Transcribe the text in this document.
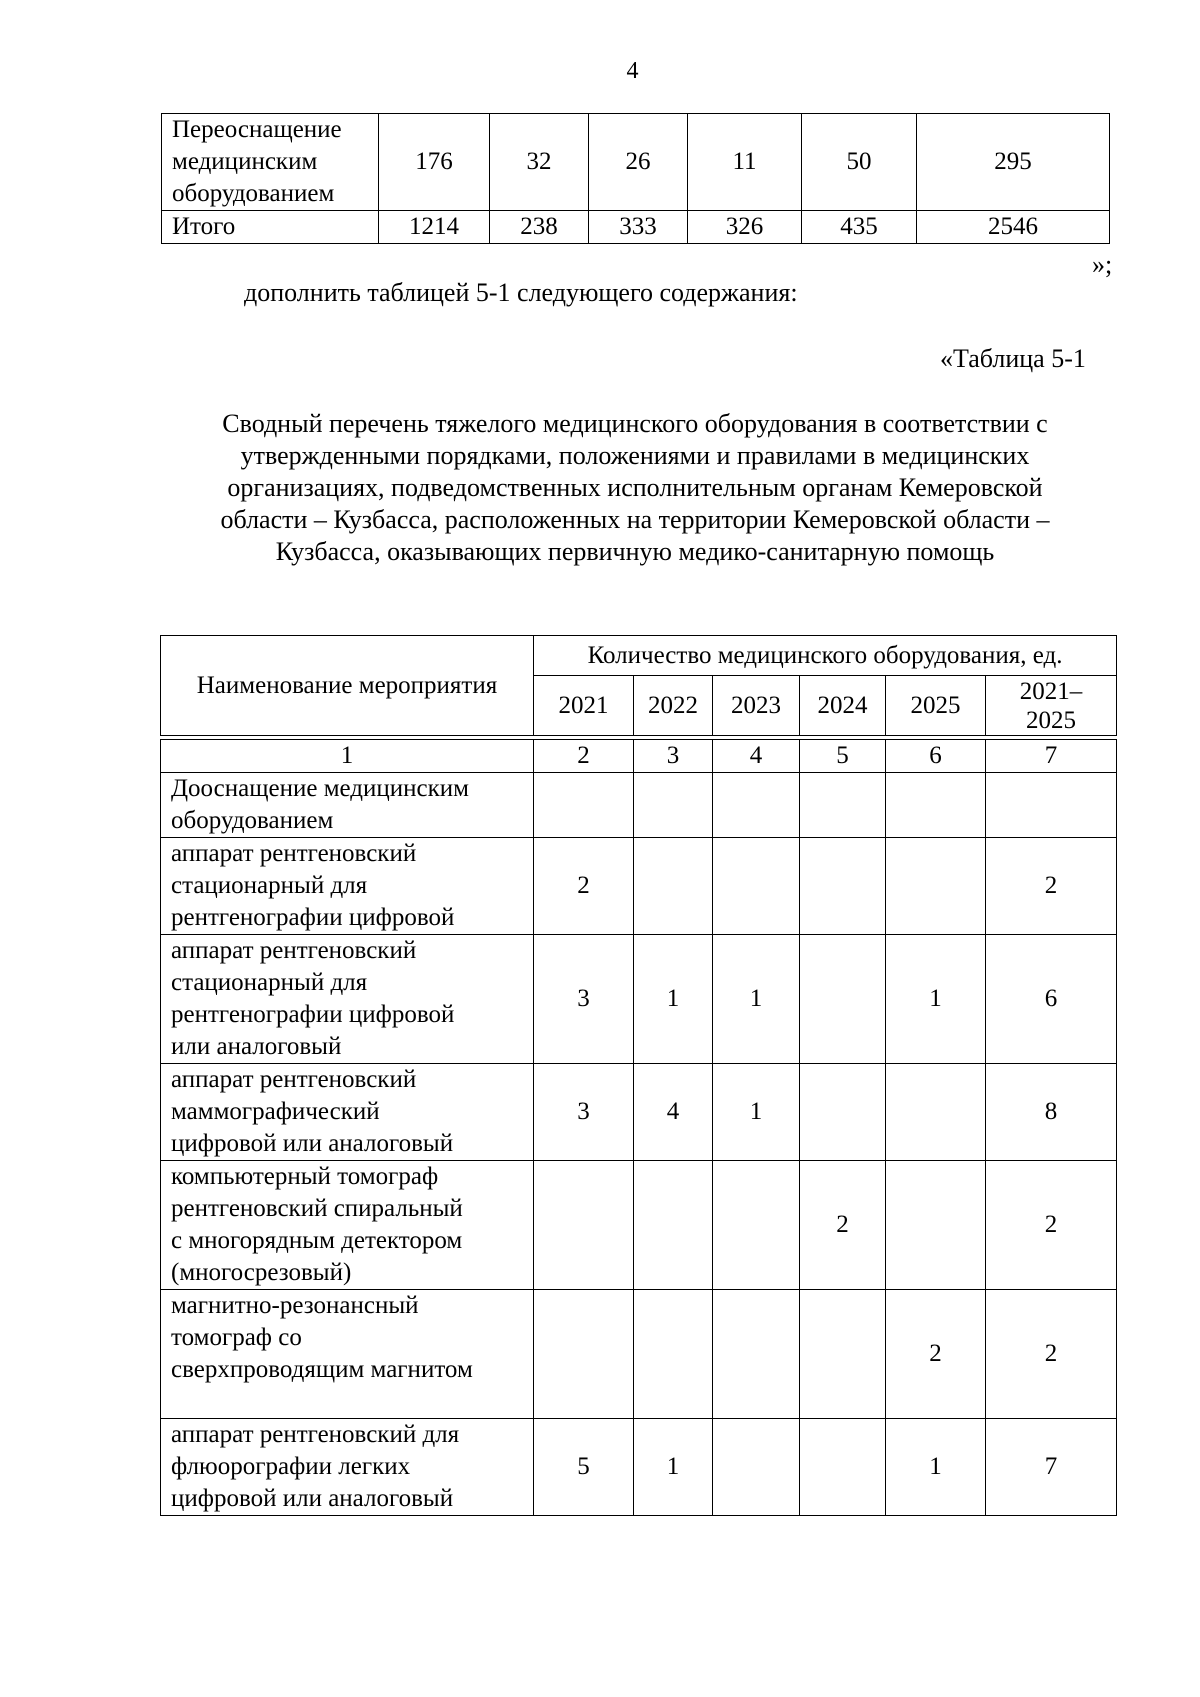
4
Переоснащение
медицинским
оборудованием	176	32	26	11	50	295

Итого	1214	238	333	326	435	2546
»;
дополнить таблицей 5-1 следующего содержания:
«Таблица 5-1
Сводный перечень тяжелого медицинского оборудования в соответствии с
утвержденными порядками, положениями и правилами в медицинских
организациях, подведомственных исполнительным органам Кемеровской
области – Кузбасса, расположенных на территории Кемеровской области –
Кузбасса, оказывающих первичную медико-санитарную помощь
Наименование мероприятия	Количество медицинского оборудования, ед.					
	2021	2022	2023	2024	2025	2021–
2025

1	2	3	4	5	6	7

Дооснащение медицинским
оборудованием						

аппарат рентгеновский
стационарный для
рентгенографии цифровой	2					2

аппарат рентгеновский
стационарный для
рентгенографии цифровой
или аналоговый	3	1	1		1	6

аппарат рентгеновский
маммографический
цифровой или аналоговый	3	4	1			8

компьютерный томограф
рентгеновский спиральный
с многорядным детектором
(многосрезовый)				2		2

магнитно-резонансный
томограф со
сверхпроводящим магнитом					2	2

аппарат рентгеновский для
флюорографии легких
цифровой или аналоговый	5	1			1	7
